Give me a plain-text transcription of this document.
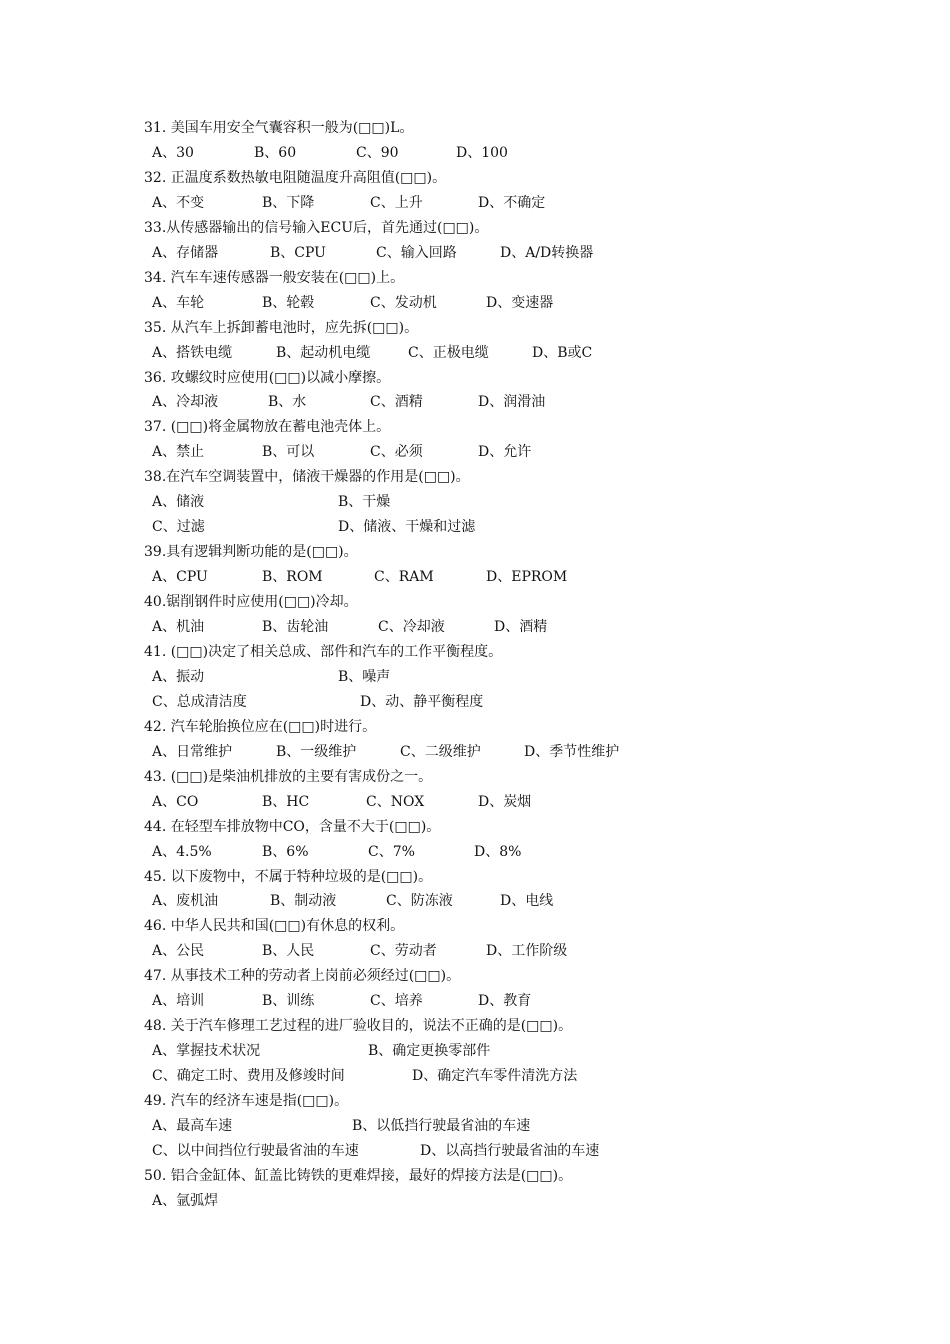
31. 美国车用安全气囊容积一般为(□□)L。
A、30	B、60	C、90	D、100
32. 正温度系数热敏电阻随温度升高阻值(□□)。
A、不变	B、下降	C、上升	D、不确定
33.从传感器输出的信号输入ECU后，首先通过(□□)。
A、存储器	B、CPU	C、输入回路	D、A/D转换器
34. 汽车车速传感器一般安装在(□□)上。
A、车轮	B、轮毂	C、发动机	D、变速器
35. 从汽车上拆卸蓄电池时，应先拆(□□)。
A、搭铁电缆	B、起动机电缆	C、正极电缆	D、B或C
36. 攻螺纹时应使用(□□)以减小摩擦。
A、冷却液	B、水	C、酒精	D、润滑油
37. (□□)将金属物放在蓄电池壳体上。
A、禁止	B、可以	C、必须	D、允许
38.在汽车空调装置中，储液干燥器的作用是(□□)。
A、储液	B、干燥
C、过滤	D、储液、干燥和过滤
39.具有逻辑判断功能的是(□□)。
A、CPU	B、ROM	C、RAM	D、EPROM
40.锯削钢件时应使用(□□)冷却。
A、机油	B、齿轮油	C、冷却液	D、酒精
41. (□□)决定了相关总成、部件和汽车的工作平衡程度。
A、振动	B、噪声
C、总成清洁度	D、动、静平衡程度
42. 汽车轮胎换位应在(□□)时进行。
A、日常维护	B、一级维护	C、二级维护	D、季节性维护
43. (□□)是柴油机排放的主要有害成份之一。
A、CO	B、HC	C、NOX	D、炭烟
44. 在轻型车排放物中CO，含量不大于(□□)。
A、4.5%	B、6%	C、7%	D、8%
45. 以下废物中，不属于特种垃圾的是(□□)。
A、废机油	B、制动液	C、防冻液	D、电线
46. 中华人民共和国(□□)有休息的权利。
A、公民	B、人民	C、劳动者	D、工作阶级
47. 从事技术工种的劳动者上岗前必须经过(□□)。
A、培训	B、训练	C、培养	D、教育
48. 关于汽车修理工艺过程的进厂验收目的，说法不正确的是(□□)。
A、掌握技术状况	B、确定更换零部件
C、确定工时、费用及修竣时间	D、确定汽车零件清洗方法
49. 汽车的经济车速是指(□□)。
A、最高车速	B、以低挡行驶最省油的车速
C、以中间挡位行驶最省油的车速	D、以高挡行驶最省油的车速
50. 铝合金缸体、缸盖比铸铁的更难焊接，最好的焊接方法是(□□)。
A、氩弧焊
